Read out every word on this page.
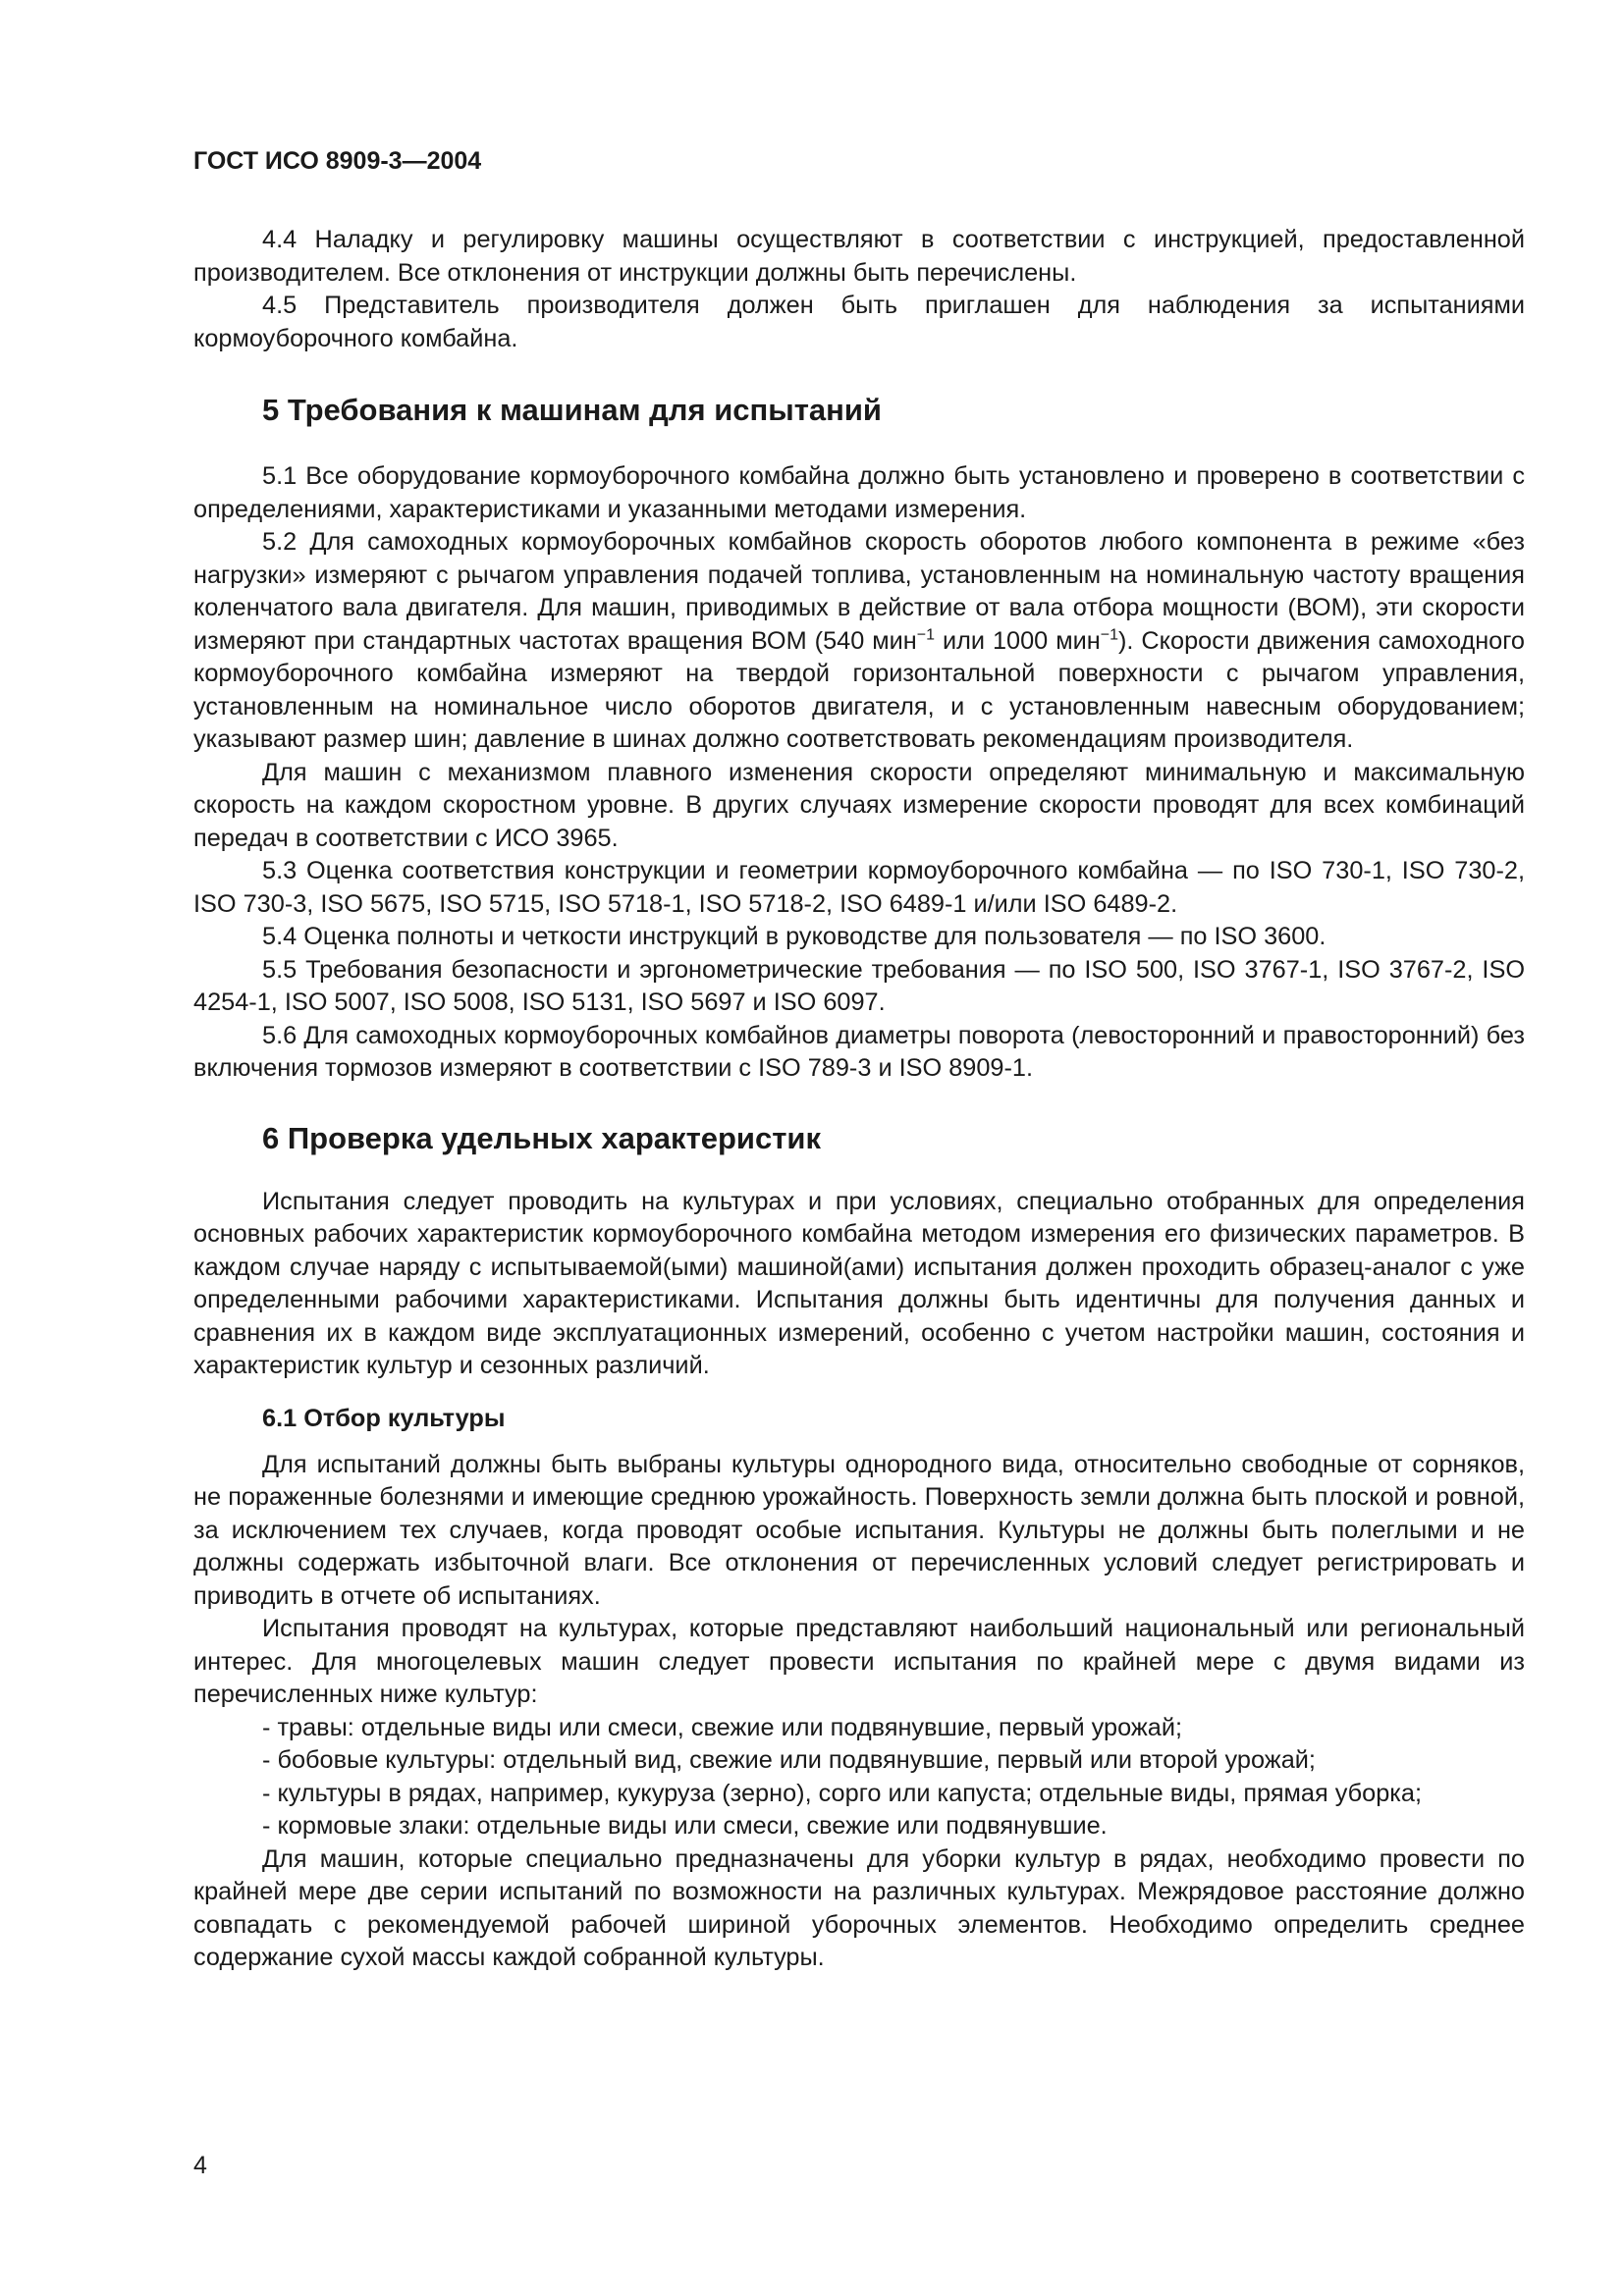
ГОСТ ИСО 8909-3—2004

4.4 Наладку и регулировку машины осуществляют в соответствии с инструкцией, предоставленной производителем. Все отклонения от инструкции должны быть перечислены.

4.5 Представитель производителя должен быть приглашен для наблюдения за испытаниями кормоуборочного комбайна.

5 Требования к машинам для испытаний

5.1 Все оборудование кормоуборочного комбайна должно быть установлено и проверено в соответствии с определениями, характеристиками и указанными методами измерения.

5.2 Для самоходных кормоуборочных комбайнов скорость оборотов любого компонента в режиме «без нагрузки» измеряют с рычагом управления подачей топлива, установленным на номинальную частоту вращения коленчатого вала двигателя. Для машин, приводимых в действие от вала отбора мощности (ВОМ), эти скорости измеряют при стандартных частотах вращения ВОМ (540 мин$^{-1}$ или 1000 мин$^{-1}$). Скорости движения самоходного кормоуборочного комбайна измеряют на твердой горизонтальной поверхности с рычагом управления, установленным на номинальное число оборотов двигателя, и с установленным навесным оборудованием; указывают размер шин; давление в шинах должно соответствовать рекомендациям производителя.

Для машин с механизмом плавного изменения скорости определяют минимальную и максимальную скорость на каждом скоростном уровне. В других случаях измерение скорости проводят для всех комбинаций передач в соответствии с ИСО 3965.

5.3 Оценка соответствия конструкции и геометрии кормоуборочного комбайна — по ISO 730-1, ISO 730-2, ISO 730-3, ISO 5675, ISO 5715, ISO 5718-1, ISO 5718-2, ISO 6489-1 и/или ISO 6489-2.

5.4 Оценка полноты и четкости инструкций в руководстве для пользователя — по ISO 3600.

5.5 Требования безопасности и эргонометрические требования — по ISO 500, ISO 3767-1, ISO 3767-2, ISO 4254-1, ISO 5007, ISO 5008, ISO 5131, ISO 5697 и ISO 6097.

5.6 Для самоходных кормоуборочных комбайнов диаметры поворота (левосторонний и правосторонний) без включения тормозов измеряют в соответствии с ISO 789-3 и ISO 8909-1.

6 Проверка удельных характеристик

Испытания следует проводить на культурах и при условиях, специально отобранных для определения основных рабочих характеристик кормоуборочного комбайна методом измерения его физических параметров. В каждом случае наряду с испытываемой(ыми) машиной(ами) испытания должен проходить образец-аналог с уже определенными рабочими характеристиками. Испытания должны быть идентичны для получения данных и сравнения их в каждом виде эксплуатационных измерений, особенно с учетом настройки машин, состояния и характеристик культур и сезонных различий.

6.1 Отбор культуры

Для испытаний должны быть выбраны культуры однородного вида, относительно свободные от сорняков, не пораженные болезнями и имеющие среднюю урожайность. Поверхность земли должна быть плоской и ровной, за исключением тех случаев, когда проводят особые испытания. Культуры не должны быть полеглыми и не должны содержать избыточной влаги. Все отклонения от перечисленных условий следует регистрировать и приводить в отчете об испытаниях.

Испытания проводят на культурах, которые представляют наибольший национальный или региональный интерес. Для многоцелевых машин следует провести испытания по крайней мере с двумя видами из перечисленных ниже культур:

- травы: отдельные виды или смеси, свежие или подвянувшие, первый урожай;

- бобовые культуры: отдельный вид, свежие или подвянувшие, первый или второй урожай;

- культуры в рядах, например, кукуруза (зерно), сорго или капуста; отдельные виды, прямая уборка;

- кормовые злаки: отдельные виды или смеси, свежие или подвянувшие.

Для машин, которые специально предназначены для уборки культур в рядах, необходимо провести по крайней мере две серии испытаний по возможности на различных культурах. Межрядовое расстояние должно совпадать с рекомендуемой рабочей шириной уборочных элементов. Необходимо определить среднее содержание сухой массы каждой собранной культуры.

4
